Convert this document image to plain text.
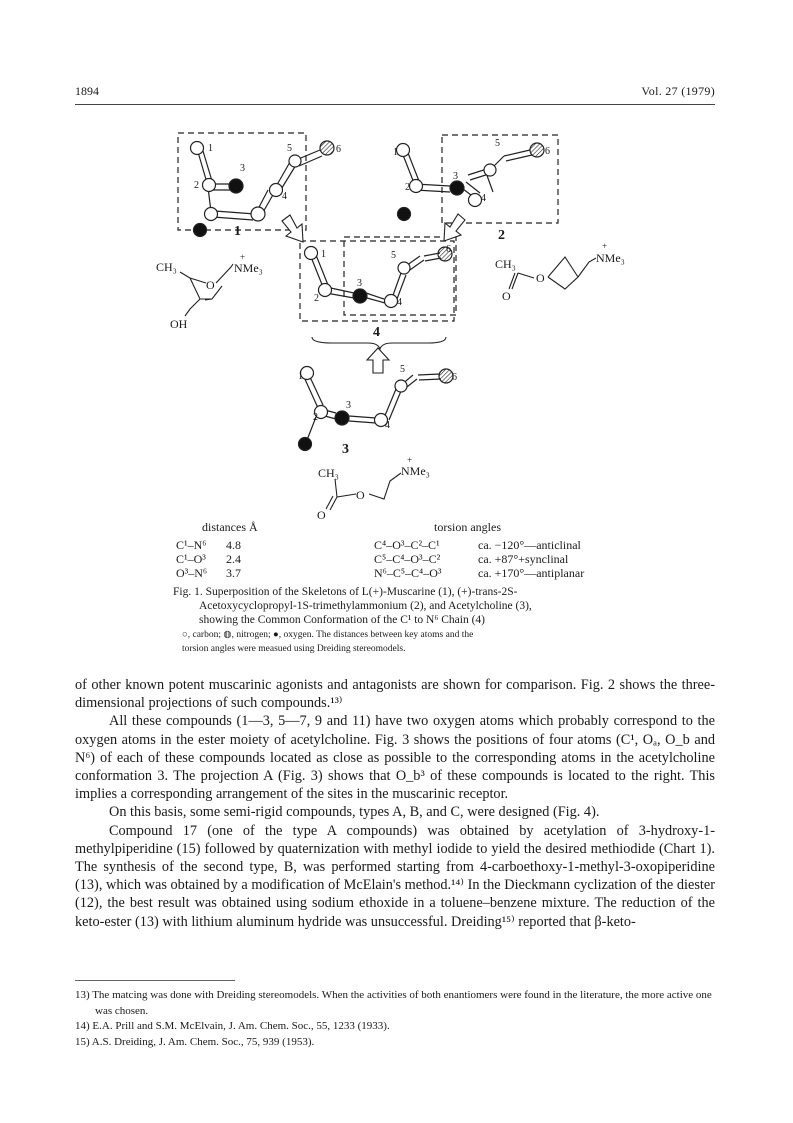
1894	Vol. 27 (1979)
1
2
3
4
5	6	1
2
3
4
5
6
1
2
3
4
5
6
1
2
3
4
5
6
1	2
4
3
CH₃
O
NMe₃
+
OH
CH₃
O
O
NMe₃
+
CH₃
O
O
NMe₃
+
distances Å
C¹–N⁶ 4.8
C¹–O³ 2.4
O³–N⁶ 3.7
torsion angles
C⁴–O³–C²–C¹	ca. −120°—anticlinal
C⁵–C⁴–O³–C²	ca. +87°+synclinal
N⁶–C⁵–C⁴–O³	ca. +170°—antiplanar
Fig. 1. Superposition of the Skeletons of L(+)-Muscarine (1), (+)-trans-2S-
Acetoxycyclopropyl-1S-trimethylammonium (2), and Acetylcholine (3),
showing the Common Conformation of the C¹ to N⁶ Chain (4)
○, carbon; ◍, nitrogen; ●, oxygen. The distances between key atoms and the
torsion angles were measued using Dreiding stereomodels.

of other known potent muscarinic agonists and antagonists are shown for comparison. Fig. 2 shows the three-dimensional projections of such compounds.¹³⁾

All these compounds (1—3, 5—7, 9 and 11) have two oxygen atoms which probably correspond to the oxygen atoms in the ester moiety of acetylcholine. Fig. 3 shows the positions of four atoms (C¹, Oₐ, O_b and N⁶) of each of these compounds located as close as possible to the corresponding atoms in the acetylcholine conformation 3. The projection A (Fig. 3) shows that O_b³ of these compounds is located to the right. This implies a corresponding arrangement of the sites in the muscarinic receptor.

On this basis, some semi-rigid compounds, types A, B, and C, were designed (Fig. 4).

Compound 17 (one of the type A compounds) was obtained by acetylation of 3-hydroxy-1-methylpiperidine (15) followed by quaternization with methyl iodide to yield the desired methiodide (Chart 1). The synthesis of the second type, B, was performed starting from 4-carboethoxy-1-methyl-3-oxopiperidine (13), which was obtained by a modification of McElain's method.¹⁴⁾ In the Dieckmann cyclization of the diester (12), the best result was obtained using sodium ethoxide in a toluene–benzene mixture. The reduction of the keto-ester (13) with lithium aluminum hydride was unsuccessful. Dreiding¹⁵⁾ reported that β-keto-

13) The matcing was done with Dreiding stereomodels. When the activities of both enantiomers were found in the literature, the more active one was chosen.
14) E.A. Prill and S.M. McElvain, J. Am. Chem. Soc., 55, 1233 (1933).
15) A.S. Dreiding, J. Am. Chem. Soc., 75, 939 (1953).
